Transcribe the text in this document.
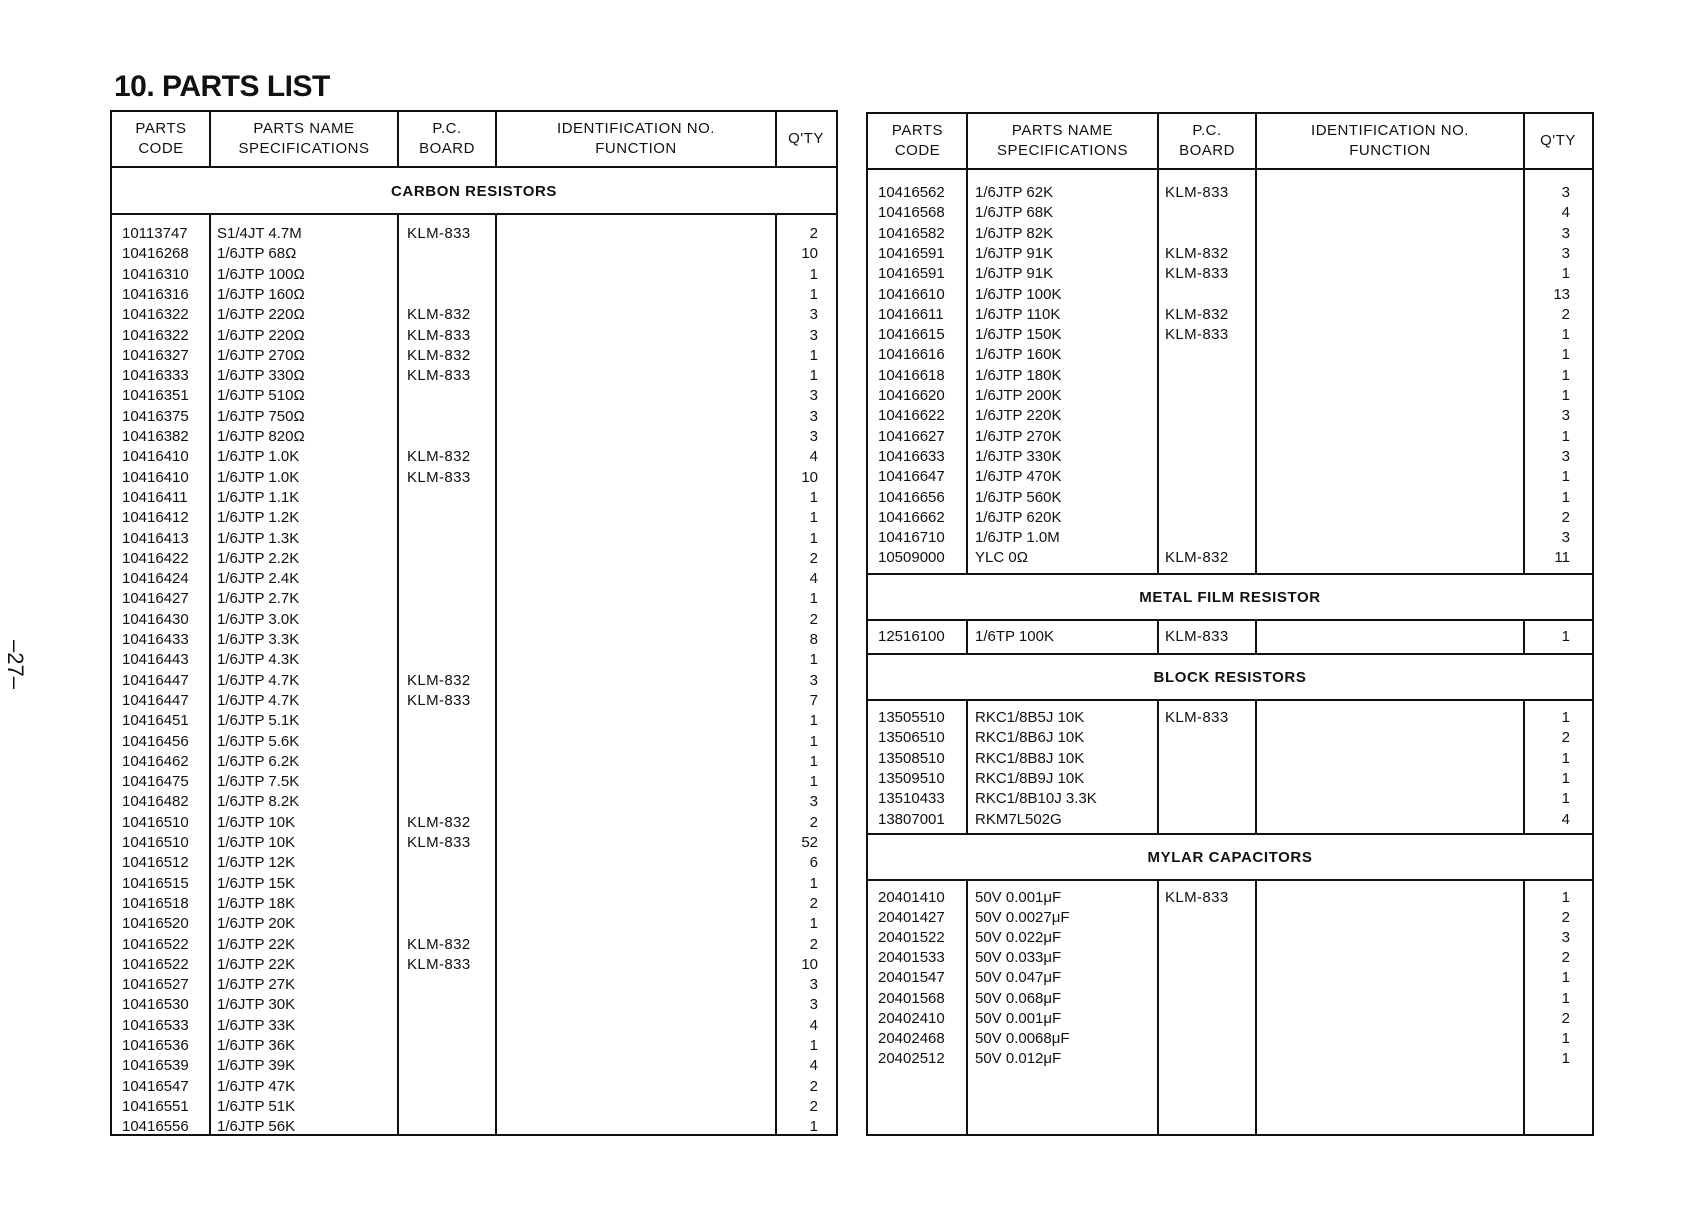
10. PARTS LIST
–27–
PARTS
CODE
PARTS NAME
SPECIFICATIONS
P.C.
BOARD
IDENTIFICATION NO.
FUNCTION
Q'TY
CARBON RESISTORS
10113747 S1/4JT 4.7M	KLM-833	2
10416268 1/6JTP 68Ω	10
10416310 1/6JTP 100Ω	1
10416316 1/6JTP 160Ω	1
10416322 1/6JTP 220Ω	KLM-832	3
10416322 1/6JTP 220Ω	KLM-833	3
10416327 1/6JTP 270Ω	KLM-832	1
10416333 1/6JTP 330Ω	KLM-833	1
10416351 1/6JTP 510Ω	3
10416375 1/6JTP 750Ω	3
10416382 1/6JTP 820Ω	3
10416410 1/6JTP 1.0K	KLM-832	4
10416410 1/6JTP 1.0K	KLM-833	10
10416411 1/6JTP 1.1K	1
10416412 1/6JTP 1.2K	1
10416413 1/6JTP 1.3K	1
10416422 1/6JTP 2.2K	2
10416424 1/6JTP 2.4K	4
10416427 1/6JTP 2.7K	1
10416430 1/6JTP 3.0K	2
10416433 1/6JTP 3.3K	8
10416443 1/6JTP 4.3K	1
10416447 1/6JTP 4.7K	KLM-832	3
10416447 1/6JTP 4.7K	KLM-833	7
10416451 1/6JTP 5.1K	1
10416456 1/6JTP 5.6K	1
10416462 1/6JTP 6.2K	1
10416475 1/6JTP 7.5K	1
10416482 1/6JTP 8.2K	3
10416510 1/6JTP 10K	KLM-832	2
10416510 1/6JTP 10K	KLM-833	52
10416512 1/6JTP 12K	6
10416515 1/6JTP 15K	1
10416518 1/6JTP 18K	2
10416520 1/6JTP 20K	1
10416522 1/6JTP 22K	KLM-832	2
10416522 1/6JTP 22K	KLM-833	10
10416527 1/6JTP 27K	3
10416530 1/6JTP 30K	3
10416533 1/6JTP 33K	4
10416536 1/6JTP 36K	1
10416539 1/6JTP 39K	4
10416547 1/6JTP 47K	2
10416551 1/6JTP 51K	2
10416556 1/6JTP 56K	1
PARTS
CODE
PARTS NAME
SPECIFICATIONS
P.C.
BOARD
IDENTIFICATION NO.
FUNCTION
Q'TY
METAL FILM RESISTOR
BLOCK RESISTORS
MYLAR CAPACITORS
10416562 1/6JTP 62K	KLM-833	3
10416568 1/6JTP 68K	4
10416582 1/6JTP 82K	3
10416591 1/6JTP 91K	KLM-832	3
10416591 1/6JTP 91K	KLM-833	1
10416610 1/6JTP 100K	13
10416611 1/6JTP 110K	KLM-832	2
10416615 1/6JTP 150K	KLM-833	1
10416616 1/6JTP 160K	1
10416618 1/6JTP 180K	1
10416620 1/6JTP 200K	1
10416622 1/6JTP 220K	3
10416627 1/6JTP 270K	1
10416633 1/6JTP 330K	3
10416647 1/6JTP 470K	1
10416656 1/6JTP 560K	1
10416662 1/6JTP 620K	2
10416710 1/6JTP 1.0M	3
10509000 YLC 0Ω	KLM-832	11
12516100 1/6TP 100K	KLM-833	1
13505510 RKC1/8B5J 10K	KLM-833	1
13506510 RKC1/8B6J 10K	2
13508510 RKC1/8B8J 10K	1
13509510 RKC1/8B9J 10K	1
13510433 RKC1/8B10J 3.3K	1
13807001 RKM7L502G	4
20401410 50V 0.001μF	KLM-833	1
20401427 50V 0.0027μF	2
20401522 50V 0.022μF	3
20401533 50V 0.033μF	2
20401547 50V 0.047μF	1
20401568 50V 0.068μF	1
20402410 50V 0.001μF	2
20402468 50V 0.0068μF	1
20402512 50V 0.012μF	1
